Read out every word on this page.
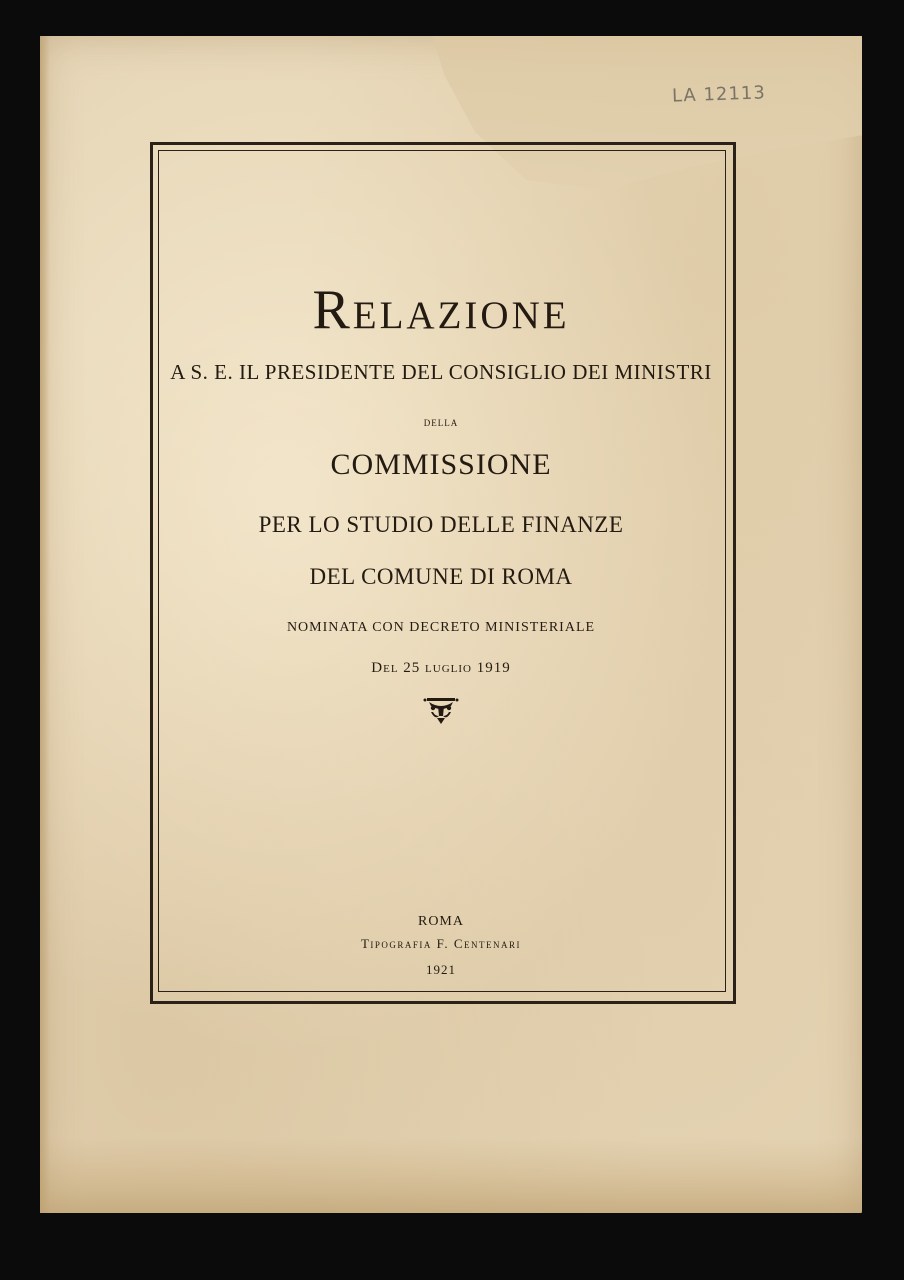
LA 12113
Relazione
A S. E. IL PRESIDENTE DEL CONSIGLIO DEI MINISTRI
della
COMMISSIONE
PER LO STUDIO DELLE FINANZE
DEL COMUNE DI ROMA
NOMINATA CON DECRETO MINISTERIALE
Del 25 luglio 1919
ROMA
Tipografia F. Centenari
1921
